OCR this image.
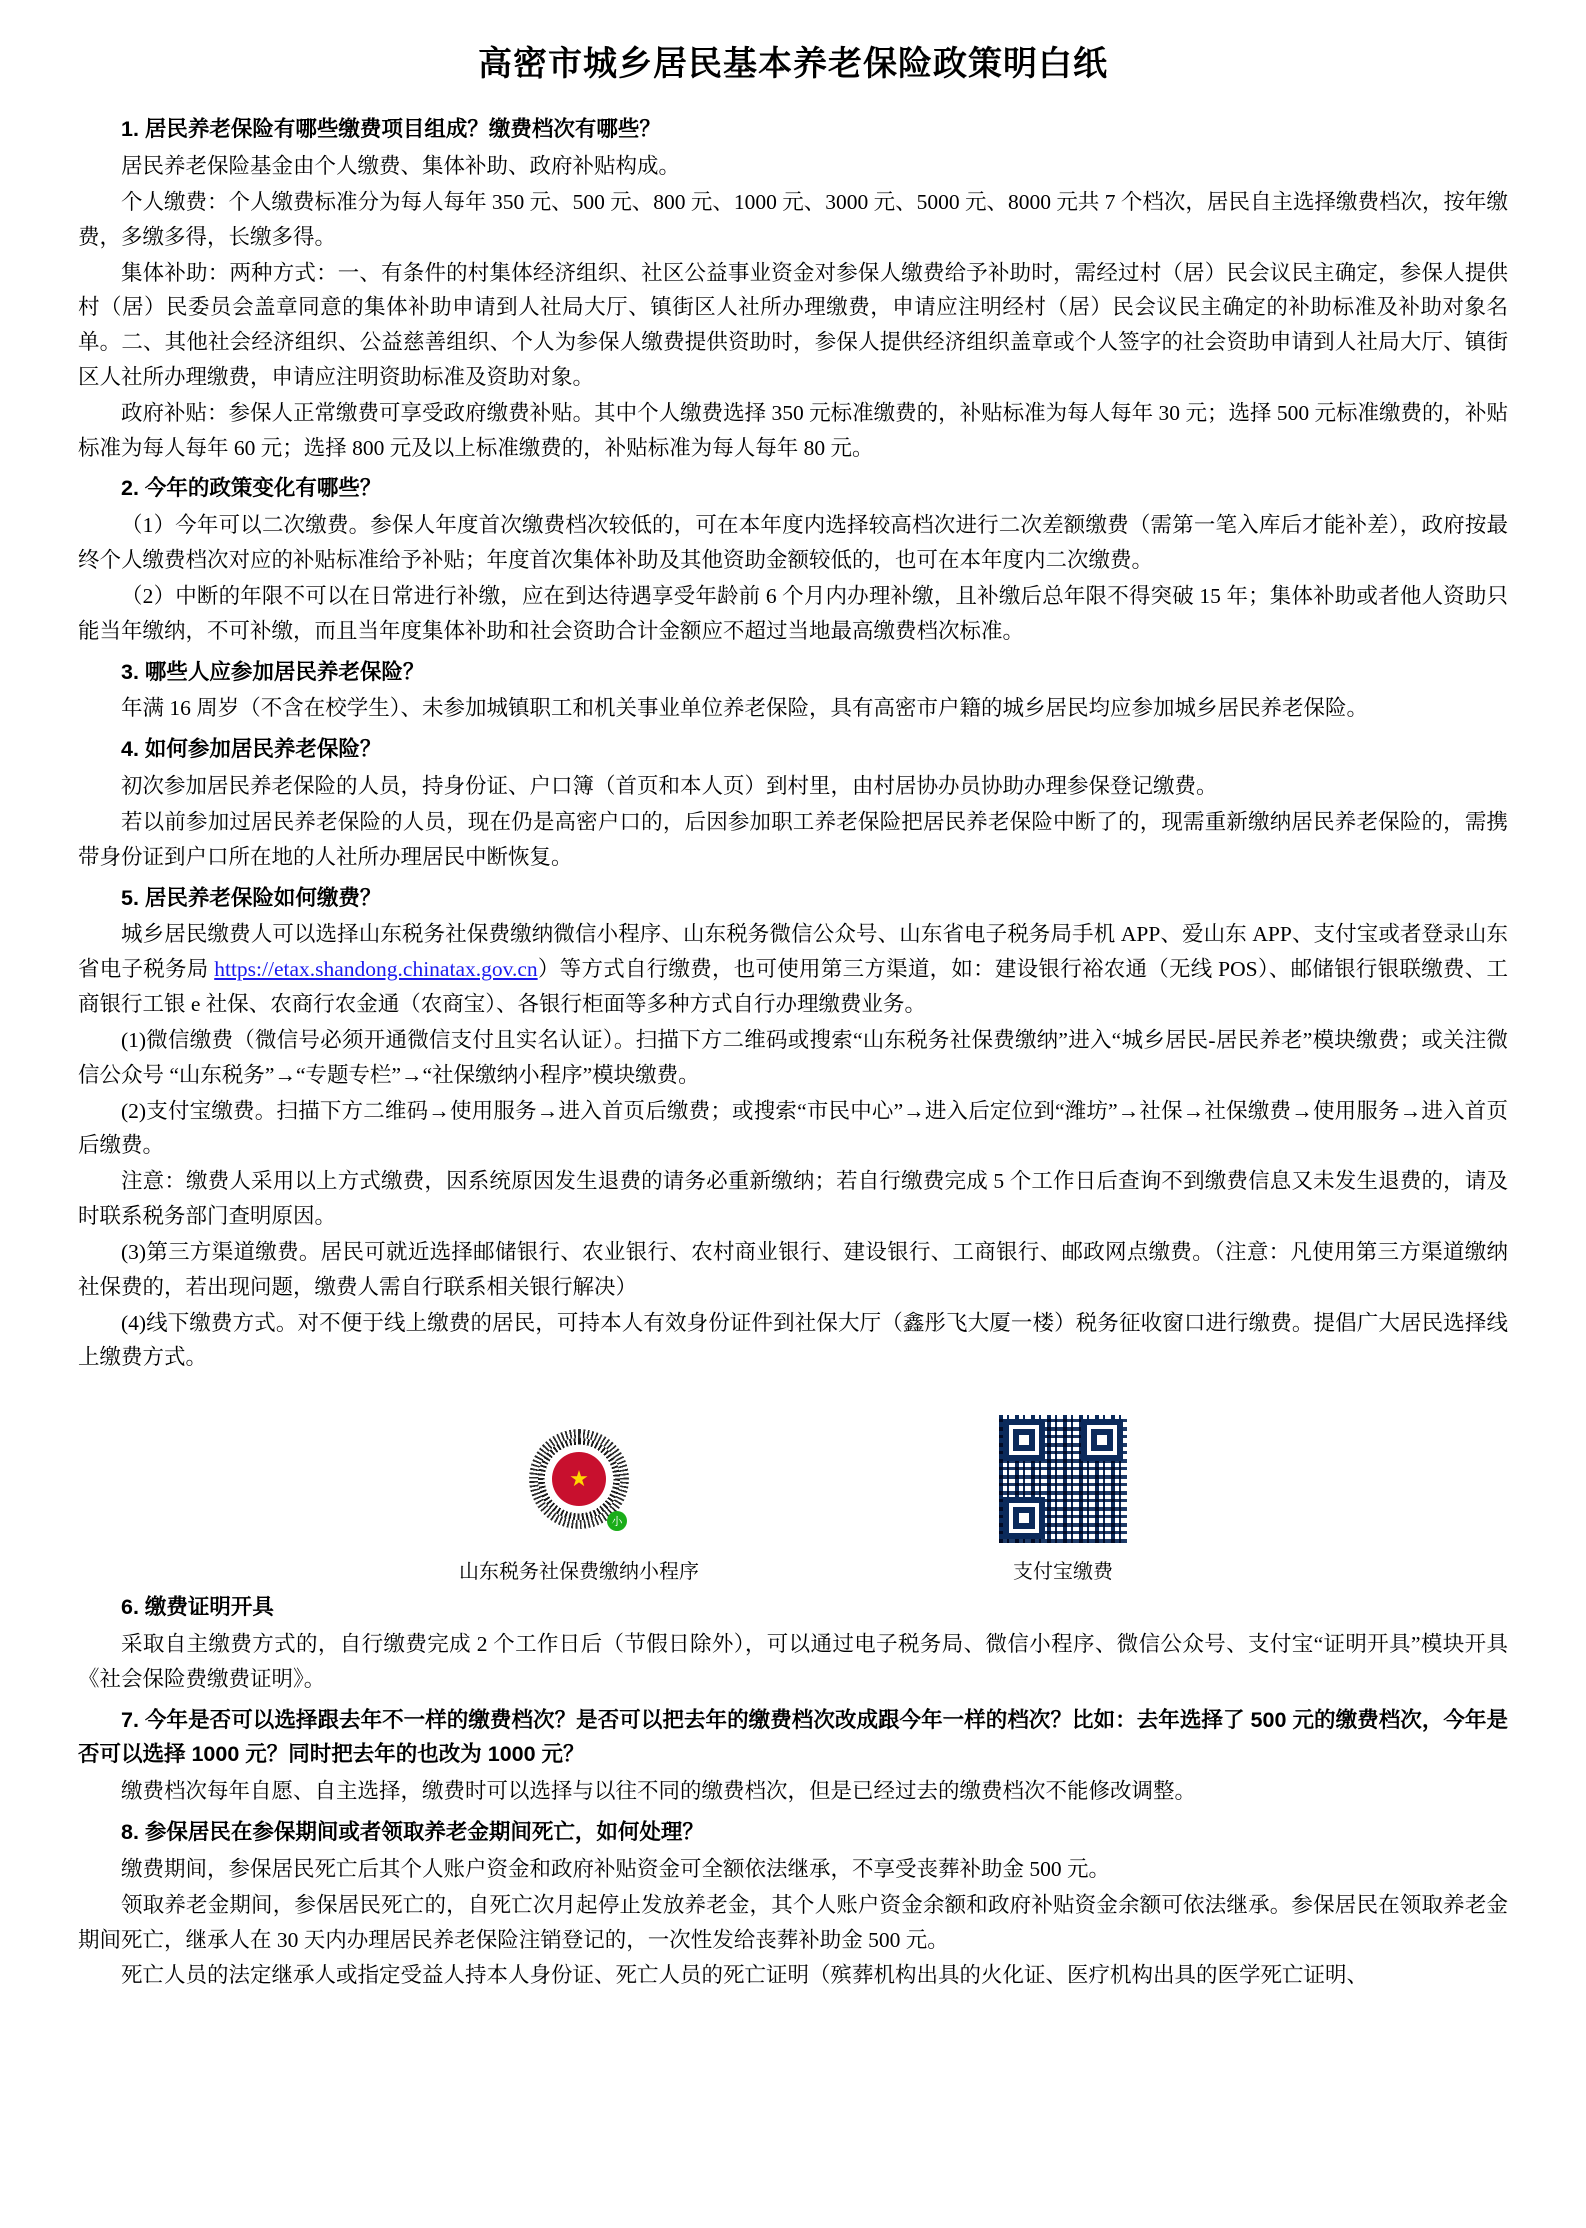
高密市城乡居民基本养老保险政策明白纸
1. 居民养老保险有哪些缴费项目组成？缴费档次有哪些？
居民养老保险基金由个人缴费、集体补助、政府补贴构成。
个人缴费：个人缴费标准分为每人每年 350 元、500 元、800 元、1000 元、3000 元、5000 元、8000 元共 7 个档次，居民自主选择缴费档次，按年缴费，多缴多得，长缴多得。
集体补助：两种方式：一、有条件的村集体经济组织、社区公益事业资金对参保人缴费给予补助时，需经过村（居）民会议民主确定，参保人提供村（居）民委员会盖章同意的集体补助申请到人社局大厅、镇街区人社所办理缴费，申请应注明经村（居）民会议民主确定的补助标准及补助对象名单。二、其他社会经济组织、公益慈善组织、个人为参保人缴费提供资助时，参保人提供经济组织盖章或个人签字的社会资助申请到人社局大厅、镇街区人社所办理缴费，申请应注明资助标准及资助对象。
政府补贴：参保人正常缴费可享受政府缴费补贴。其中个人缴费选择 350 元标准缴费的，补贴标准为每人每年 30 元；选择 500 元标准缴费的，补贴标准为每人每年 60 元；选择 800 元及以上标准缴费的，补贴标准为每人每年 80 元。
2. 今年的政策变化有哪些？
（1）今年可以二次缴费。参保人年度首次缴费档次较低的，可在本年度内选择较高档次进行二次差额缴费（需第一笔入库后才能补差），政府按最终个人缴费档次对应的补贴标准给予补贴；年度首次集体补助及其他资助金额较低的，也可在本年度内二次缴费。
（2）中断的年限不可以在日常进行补缴，应在到达待遇享受年龄前 6 个月内办理补缴，且补缴后总年限不得突破 15 年；集体补助或者他人资助只能当年缴纳，不可补缴，而且当年度集体补助和社会资助合计金额应不超过当地最高缴费档次标准。
3. 哪些人应参加居民养老保险？
年满 16 周岁（不含在校学生）、未参加城镇职工和机关事业单位养老保险，具有高密市户籍的城乡居民均应参加城乡居民养老保险。
4. 如何参加居民养老保险？
初次参加居民养老保险的人员，持身份证、户口簿（首页和本人页）到村里，由村居协办员协助办理参保登记缴费。
若以前参加过居民养老保险的人员，现在仍是高密户口的，后因参加职工养老保险把居民养老保险中断了的，现需重新缴纳居民养老保险的，需携带身份证到户口所在地的人社所办理居民中断恢复。
5. 居民养老保险如何缴费？
城乡居民缴费人可以选择山东税务社保费缴纳微信小程序、山东税务微信公众号、山东省电子税务局手机 APP、爱山东 APP、支付宝或者登录山东省电子税务局 https://etax.shandong.chinatax.gov.cn）等方式自行缴费，也可使用第三方渠道，如：建设银行裕农通（无线 POS）、邮储银行银联缴费、工商银行工银 e 社保、农商行农金通（农商宝）、各银行柜面等多种方式自行办理缴费业务。
(1)微信缴费（微信号必须开通微信支付且实名认证）。扫描下方二维码或搜索“山东税务社保费缴纳”进入“城乡居民-居民养老”模块缴费；或关注微信公众号 “山东税务”→“专题专栏”→“社保缴纳小程序”模块缴费。
(2)支付宝缴费。扫描下方二维码→使用服务→进入首页后缴费；或搜索“市民中心”→进入后定位到“潍坊”→社保→社保缴费→使用服务→进入首页后缴费。
注意：缴费人采用以上方式缴费，因系统原因发生退费的请务必重新缴纳；若自行缴费完成 5 个工作日后查询不到缴费信息又未发生退费的，请及时联系税务部门查明原因。
(3)第三方渠道缴费。居民可就近选择邮储银行、农业银行、农村商业银行、建设银行、工商银行、邮政网点缴费。（注意：凡使用第三方渠道缴纳社保费的，若出现问题，缴费人需自行联系相关银行解决）
(4)线下缴费方式。对不便于线上缴费的居民，可持本人有效身份证件到社保大厅（鑫彤飞大厦一楼）税务征收窗口进行缴费。提倡广大居民选择线上缴费方式。
★
小
山东税务社保费缴纳小程序	支付宝缴费
6. 缴费证明开具
采取自主缴费方式的，自行缴费完成 2 个工作日后（节假日除外），可以通过电子税务局、微信小程序、微信公众号、支付宝“证明开具”模块开具《社会保险费缴费证明》。
7. 今年是否可以选择跟去年不一样的缴费档次？是否可以把去年的缴费档次改成跟今年一样的档次？比如：去年选择了 500 元的缴费档次，今年是否可以选择 1000 元？同时把去年的也改为 1000 元？
缴费档次每年自愿、自主选择，缴费时可以选择与以往不同的缴费档次，但是已经过去的缴费档次不能修改调整。
8. 参保居民在参保期间或者领取养老金期间死亡，如何处理？
缴费期间，参保居民死亡后其个人账户资金和政府补贴资金可全额依法继承，不享受丧葬补助金 500 元。
领取养老金期间，参保居民死亡的，自死亡次月起停止发放养老金，其个人账户资金余额和政府补贴资金余额可依法继承。参保居民在领取养老金期间死亡，继承人在 30 天内办理居民养老保险注销登记的，一次性发给丧葬补助金 500 元。
死亡人员的法定继承人或指定受益人持本人身份证、死亡人员的死亡证明（殡葬机构出具的火化证、医疗机构出具的医学死亡证明、
